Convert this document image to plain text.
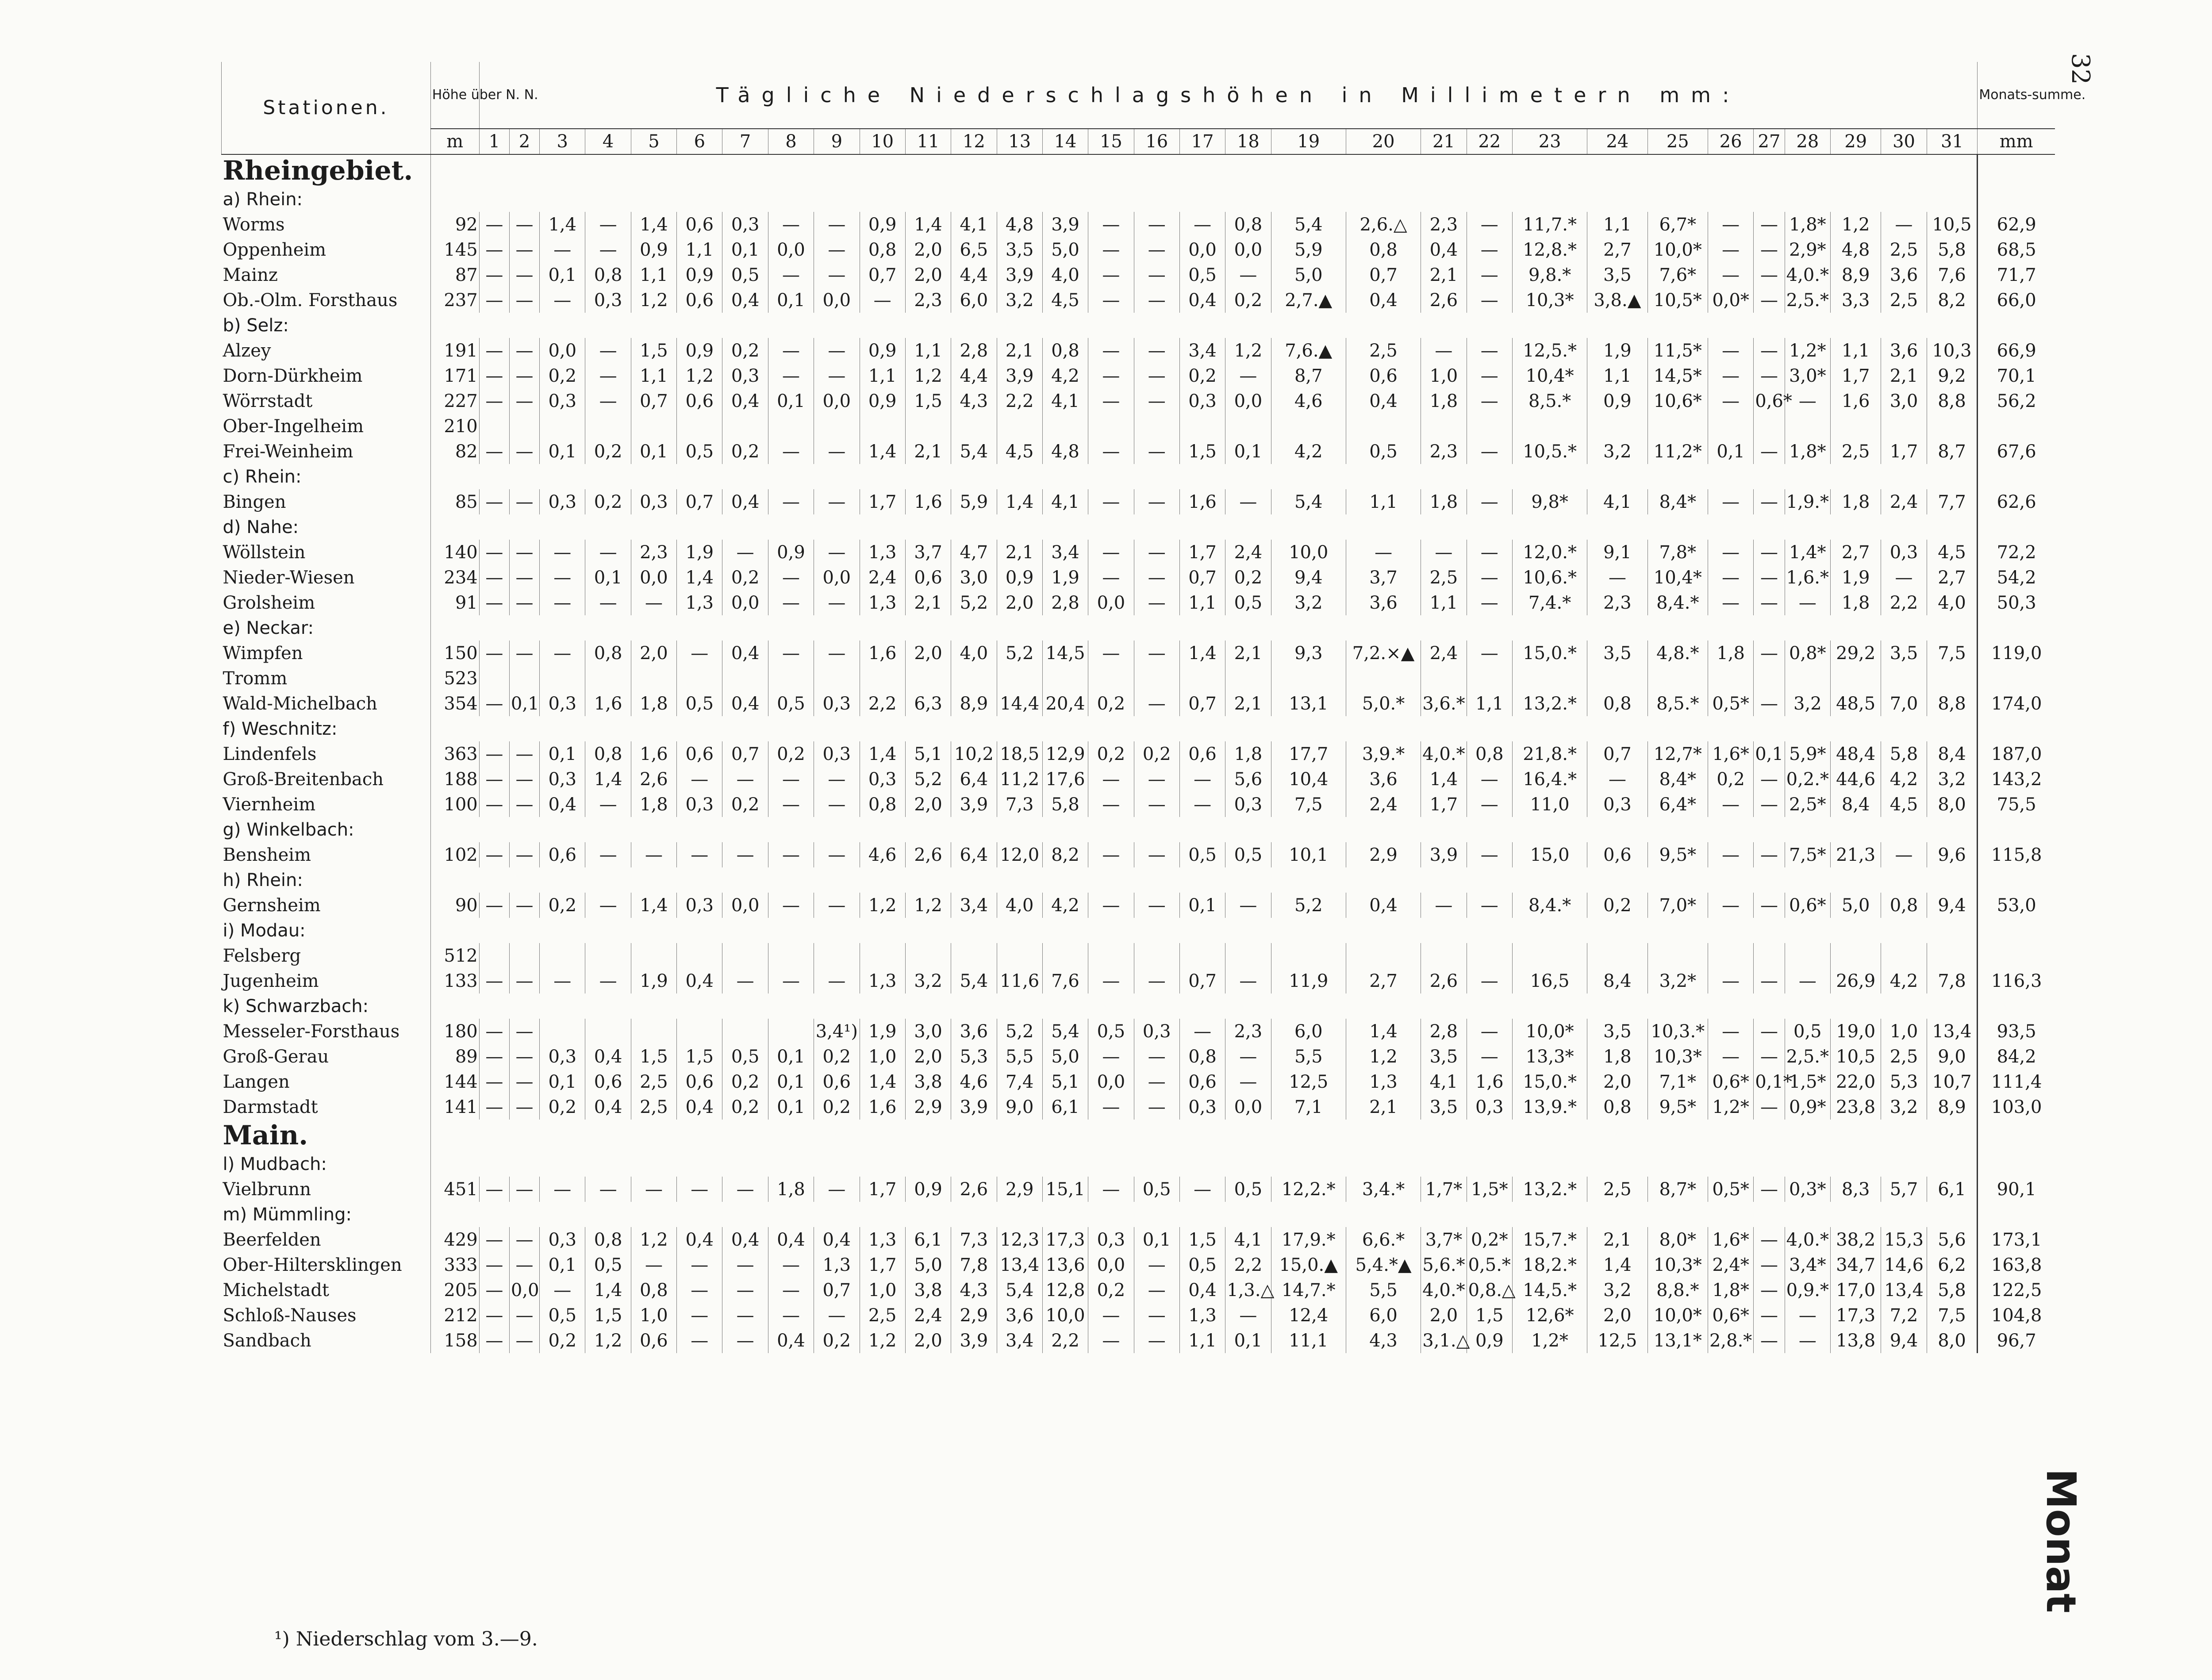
32
Monat
Stationen.	Höhe über N. N.	Tägliche Niederschlagshöhen in Millimetern mm:																															Monats-summe.
	m	1	2	3	4	5	6	7	8	9	10	11	12	13	14	15	16	17	18	19	20	21	22	23	24	25	26	27	28	29	30	31	mm
Rheingebiet.																																	
a) Rhein:																																	
Worms	92	—	—	1,4	—	1,4	0,6	0,3	—	—	0,9	1,4	4,1	4,8	3,9	—	—	—	0,8	5,4	2,6.△	2,3	—	11,7.*	1,1	6,7*	—	—	1,8*	1,2	—	10,5	62,9
Oppenheim	145	—	—	—	—	0,9	1,1	0,1	0,0	—	0,8	2,0	6,5	3,5	5,0	—	—	0,0	0,0	5,9	0,8	0,4	—	12,8.*	2,7	10,0*	—	—	2,9*	4,8	2,5	5,8	68,5
Mainz	87	—	—	0,1	0,8	1,1	0,9	0,5	—	—	0,7	2,0	4,4	3,9	4,0	—	—	0,5	—	5,0	0,7	2,1	—	9,8.*	3,5	7,6*	—	—	4,0.*	8,9	3,6	7,6	71,7
Ob.-Olm. Forsthaus	237	—	—	—	0,3	1,2	0,6	0,4	0,1	0,0	—	2,3	6,0	3,2	4,5	—	—	0,4	0,2	2,7.▲	0,4	2,6	—	10,3*	3,8.▲	10,5*	0,0*	—	2,5.*	3,3	2,5	8,2	66,0
b) Selz:																																	
Alzey	191	—	—	0,0	—	1,5	0,9	0,2	—	—	0,9	1,1	2,8	2,1	0,8	—	—	3,4	1,2	7,6.▲	2,5	—	—	12,5.*	1,9	11,5*	—	—	1,2*	1,1	3,6	10,3	66,9
Dorn-Dürkheim	171	—	—	0,2	—	1,1	1,2	0,3	—	—	1,1	1,2	4,4	3,9	4,2	—	—	0,2	—	8,7	0,6	1,0	—	10,4*	1,1	14,5*	—	—	3,0*	1,7	2,1	9,2	70,1
Wörrstadt	227	—	—	0,3	—	0,7	0,6	0,4	0,1	0,0	0,9	1,5	4,3	2,2	4,1	—	—	0,3	0,0	4,6	0,4	1,8	—	8,5.*	0,9	10,6*	—	0,6*	—	1,6	3,0	8,8	56,2
Ober-Ingelheim	210																																
Frei-Weinheim	82	—	—	0,1	0,2	0,1	0,5	0,2	—	—	1,4	2,1	5,4	4,5	4,8	—	—	1,5	0,1	4,2	0,5	2,3	—	10,5.*	3,2	11,2*	0,1	—	1,8*	2,5	1,7	8,7	67,6
c) Rhein:																																	
Bingen	85	—	—	0,3	0,2	0,3	0,7	0,4	—	—	1,7	1,6	5,9	1,4	4,1	—	—	1,6	—	5,4	1,1	1,8	—	9,8*	4,1	8,4*	—	—	1,9.*	1,8	2,4	7,7	62,6
d) Nahe:																																	
Wöllstein	140	—	—	—	—	2,3	1,9	—	0,9	—	1,3	3,7	4,7	2,1	3,4	—	—	1,7	2,4	10,0	—	—	—	12,0.*	9,1	7,8*	—	—	1,4*	2,7	0,3	4,5	72,2
Nieder-Wiesen	234	—	—	—	0,1	0,0	1,4	0,2	—	0,0	2,4	0,6	3,0	0,9	1,9	—	—	0,7	0,2	9,4	3,7	2,5	—	10,6.*	—	10,4*	—	—	1,6.*	1,9	—	2,7	54,2
Grolsheim	91	—	—	—	—	—	1,3	0,0	—	—	1,3	2,1	5,2	2,0	2,8	0,0	—	1,1	0,5	3,2	3,6	1,1	—	7,4.*	2,3	8,4.*	—	—	—	1,8	2,2	4,0	50,3
e) Neckar:																																	
Wimpfen	150	—	—	—	0,8	2,0	—	0,4	—	—	1,6	2,0	4,0	5,2	14,5	—	—	1,4	2,1	9,3	7,2.×▲	2,4	—	15,0.*	3,5	4,8.*	1,8	—	0,8*	29,2	3,5	7,5	119,0
Tromm	523																																
Wald-Michelbach	354	—	0,1	0,3	1,6	1,8	0,5	0,4	0,5	0,3	2,2	6,3	8,9	14,4	20,4	0,2	—	0,7	2,1	13,1	5,0.*	3,6.*	1,1	13,2.*	0,8	8,5.*	0,5*	—	3,2	48,5	7,0	8,8	174,0
f) Weschnitz:																																	
Lindenfels	363	—	—	0,1	0,8	1,6	0,6	0,7	0,2	0,3	1,4	5,1	10,2	18,5	12,9	0,2	0,2	0,6	1,8	17,7	3,9.*	4,0.*	0,8	21,8.*	0,7	12,7*	1,6*	0,1	5,9*	48,4	5,8	8,4	187,0
Groß-Breitenbach	188	—	—	0,3	1,4	2,6	—	—	—	—	0,3	5,2	6,4	11,2	17,6	—	—	—	5,6	10,4	3,6	1,4	—	16,4.*	—	8,4*	0,2	—	0,2.*	44,6	4,2	3,2	143,2
Viernheim	100	—	—	0,4	—	1,8	0,3	0,2	—	—	0,8	2,0	3,9	7,3	5,8	—	—	—	0,3	7,5	2,4	1,7	—	11,0	0,3	6,4*	—	—	2,5*	8,4	4,5	8,0	75,5
g) Winkelbach:																																	
Bensheim	102	—	—	0,6	—	—	—	—	—	—	4,6	2,6	6,4	12,0	8,2	—	—	0,5	0,5	10,1	2,9	3,9	—	15,0	0,6	9,5*	—	—	7,5*	21,3	—	9,6	115,8
h) Rhein:																																	
Gernsheim	90	—	—	0,2	—	1,4	0,3	0,0	—	—	1,2	1,2	3,4	4,0	4,2	—	—	0,1	—	5,2	0,4	—	—	8,4.*	0,2	7,0*	—	—	0,6*	5,0	0,8	9,4	53,0
i) Modau:																																	
Felsberg	512																																
Jugenheim	133	—	—	—	—	1,9	0,4	—	—	—	1,3	3,2	5,4	11,6	7,6	—	—	0,7	—	11,9	2,7	2,6	—	16,5	8,4	3,2*	—	—	—	26,9	4,2	7,8	116,3
k) Schwarzbach:																																	
Messeler-Forsthaus	180	—	—							3,4¹)	1,9	3,0	3,6	5,2	5,4	0,5	0,3	—	2,3	6,0	1,4	2,8	—	10,0*	3,5	10,3.*	—	—	0,5	19,0	1,0	13,4	93,5
Groß-Gerau	89	—	—	0,3	0,4	1,5	1,5	0,5	0,1	0,2	1,0	2,0	5,3	5,5	5,0	—	—	0,8	—	5,5	1,2	3,5	—	13,3*	1,8	10,3*	—	—	2,5.*	10,5	2,5	9,0	84,2
Langen	144	—	—	0,1	0,6	2,5	0,6	0,2	0,1	0,6	1,4	3,8	4,6	7,4	5,1	0,0	—	0,6	—	12,5	1,3	4,1	1,6	15,0.*	2,0	7,1*	0,6*	0,1*	1,5*	22,0	5,3	10,7	111,4
Darmstadt	141	—	—	0,2	0,4	2,5	0,4	0,2	0,1	0,2	1,6	2,9	3,9	9,0	6,1	—	—	0,3	0,0	7,1	2,1	3,5	0,3	13,9.*	0,8	9,5*	1,2*	—	0,9*	23,8	3,2	8,9	103,0
Main.																																	
l) Mudbach:																																	
Vielbrunn	451	—	—	—	—	—	—	—	1,8	—	1,7	0,9	2,6	2,9	15,1	—	0,5	—	0,5	12,2.*	3,4.*	1,7*	1,5*	13,2.*	2,5	8,7*	0,5*	—	0,3*	8,3	5,7	6,1	90,1
m) Mümmling:																																	
Beerfelden	429	—	—	0,3	0,8	1,2	0,4	0,4	0,4	0,4	1,3	6,1	7,3	12,3	17,3	0,3	0,1	1,5	4,1	17,9.*	6,6.*	3,7*	0,2*	15,7.*	2,1	8,0*	1,6*	—	4,0.*	38,2	15,3	5,6	173,1
Ober-Hiltersklingen	333	—	—	0,1	0,5	—	—	—	—	1,3	1,7	5,0	7,8	13,4	13,6	0,0	—	0,5	2,2	15,0.▲	5,4.*▲	5,6.*	0,5.*	18,2.*	1,4	10,3*	2,4*	—	3,4*	34,7	14,6	6,2	163,8
Michelstadt	205	—	0,0	—	1,4	0,8	—	—	—	0,7	1,0	3,8	4,3	5,4	12,8	0,2	—	0,4	1,3.△	14,7.*	5,5	4,0.*	0,8.△	14,5.*	3,2	8,8.*	1,8*	—	0,9.*	17,0	13,4	5,8	122,5
Schloß-Nauses	212	—	—	0,5	1,5	1,0	—	—	—	—	2,5	2,4	2,9	3,6	10,0	—	—	1,3	—	12,4	6,0	2,0	1,5	12,6*	2,0	10,0*	0,6*	—	—	17,3	7,2	7,5	104,8
Sandbach	158	—	—	0,2	1,2	0,6	—	—	0,4	0,2	1,2	2,0	3,9	3,4	2,2	—	—	1,1	0,1	11,1	4,3	3,1.△	0,9	1,2*	12,5	13,1*	2,8.*	—	—	13,8	9,4	8,0	96,7
¹) Niederschlag vom 3.—9.
